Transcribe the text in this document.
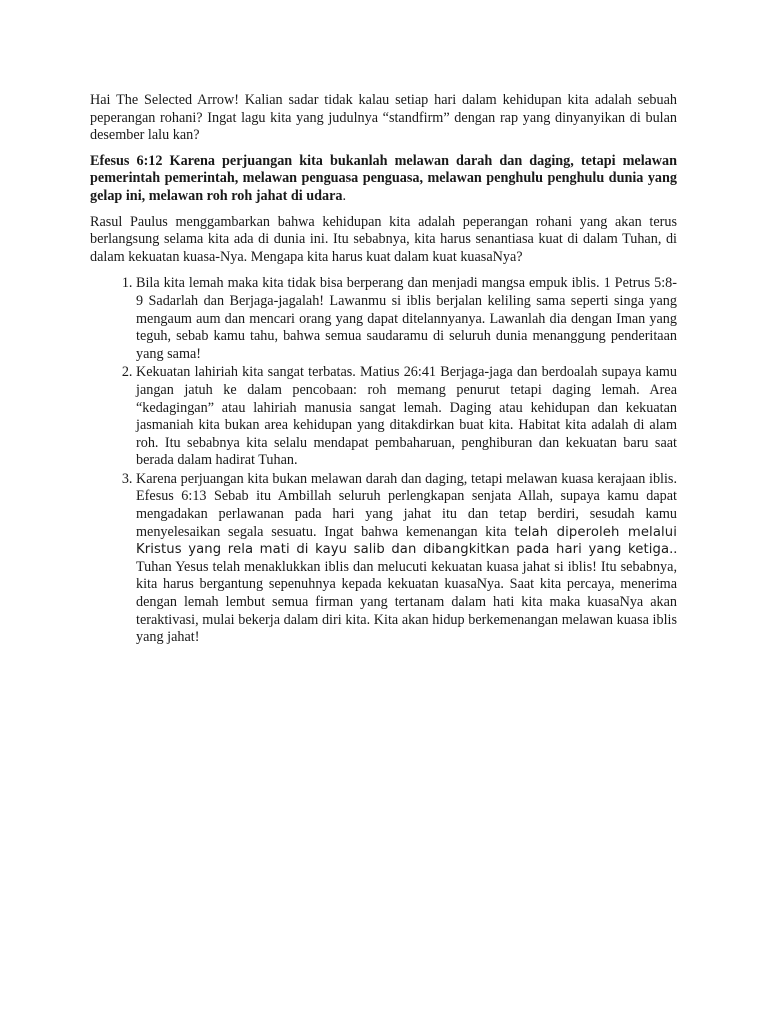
Hai The Selected Arrow! Kalian sadar tidak kalau setiap hari dalam kehidupan kita adalah sebuah peperangan rohani? Ingat lagu kita yang judulnya “standfirm” dengan rap yang dinyanyikan di bulan desember lalu kan?

Efesus 6:12 Karena perjuangan kita bukanlah melawan darah dan daging, tetapi melawan pemerintah pemerintah, melawan penguasa penguasa, melawan penghulu penghulu dunia yang gelap ini, melawan roh roh jahat di udara.

Rasul Paulus menggambarkan bahwa kehidupan kita adalah peperangan rohani yang akan terus berlangsung selama kita ada di dunia ini. Itu sebabnya, kita harus senantiasa kuat di dalam Tuhan, di dalam kekuatan kuasa-Nya. Mengapa kita harus kuat dalam kuat kuasaNya?

1. Bila kita lemah maka kita tidak bisa berperang dan menjadi mangsa empuk iblis. 1 Petrus 5:8-9 Sadarlah dan Berjaga-jagalah! Lawanmu si iblis berjalan keliling sama seperti singa yang mengaum aum dan mencari orang yang dapat ditelannyanya. Lawanlah dia dengan Iman yang teguh, sebab kamu tahu, bahwa semua saudaramu di seluruh dunia menanggung penderitaan yang sama!
2. Kekuatan lahiriah kita sangat terbatas. Matius 26:41 Berjaga-jaga dan berdoalah supaya kamu jangan jatuh ke dalam pencobaan: roh memang penurut tetapi daging lemah. Area “kedagingan” atau lahiriah manusia sangat lemah. Daging atau kehidupan dan kekuatan jasmaniah kita bukan area kehidupan yang ditakdirkan buat kita. Habitat kita adalah di alam roh. Itu sebabnya kita selalu mendapat pembaharuan, penghiburan dan kekuatan baru saat berada dalam hadirat Tuhan.
3. Karena perjuangan kita bukan melawan darah dan daging, tetapi melawan kuasa kerajaan iblis. Efesus 6:13 Sebab itu Ambillah seluruh perlengkapan senjata Allah, supaya kamu dapat mengadakan perlawanan pada hari yang jahat itu dan tetap berdiri, sesudah kamu menyelesaikan segala sesuatu. Ingat bahwa kemenangan kita telah diperoleh melalui Kristus yang rela mati di kayu salib dan dibangkitkan pada hari yang ketiga.. Tuhan Yesus telah menaklukkan iblis dan melucuti kekuatan kuasa jahat si iblis! Itu sebabnya, kita harus bergantung sepenuhnya kepada kekuatan kuasaNya. Saat kita percaya, menerima dengan lemah lembut semua firman yang tertanam dalam hati kita maka kuasaNya akan teraktivasi, mulai bekerja dalam diri kita. Kita akan hidup berkemenangan melawan kuasa iblis yang jahat!
